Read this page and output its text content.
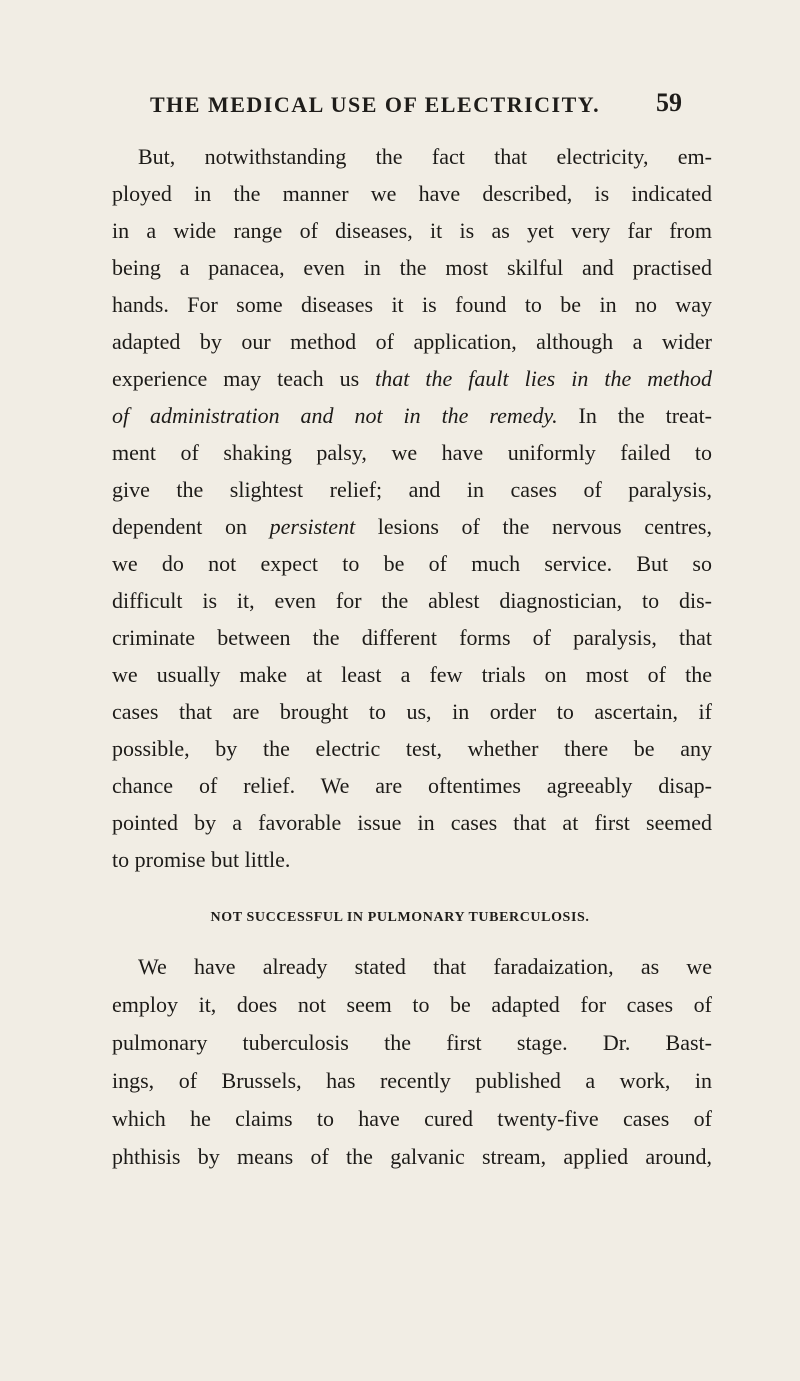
THE MEDICAL USE OF ELECTRICITY. 59
But, notwithstanding the fact that electricity, em-
ployed in the manner we have described, is indicated
in a wide range of diseases, it is as yet very far from
being a panacea, even in the most skilful and practised
hands. For some diseases it is found to be in no way
adapted by our method of application, although a wider
experience may teach us that the fault lies in the method
of administration and not in the remedy. In the treat-
ment of shaking palsy, we have uniformly failed to
give the slightest relief; and in cases of paralysis,
dependent on persistent lesions of the nervous centres,
we do not expect to be of much service. But so
difficult is it, even for the ablest diagnostician, to dis-
criminate between the different forms of paralysis, that
we usually make at least a few trials on most of the
cases that are brought to us, in order to ascertain, if
possible, by the electric test, whether there be any
chance of relief. We are oftentimes agreeably disap-
pointed by a favorable issue in cases that at first seemed
to promise but little.
NOT SUCCESSFUL IN PULMONARY TUBERCULOSIS.
We have already stated that faradaization, as we
employ it, does not seem to be adapted for cases of
pulmonary tuberculosis the first stage. Dr. Bast-
ings, of Brussels, has recently published a work, in
which he claims to have cured twenty-five cases of
phthisis by means of the galvanic stream, applied around,
